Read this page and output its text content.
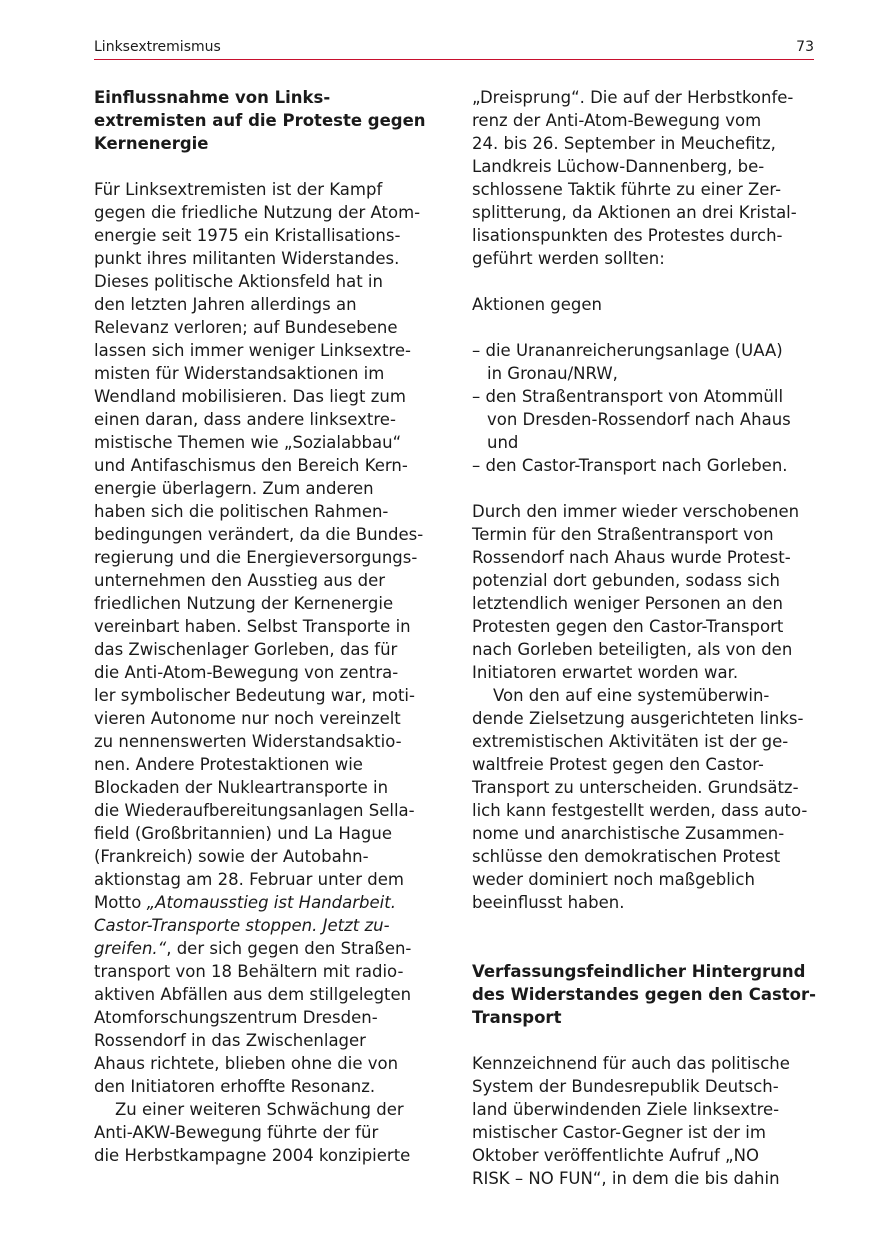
Linksextremismus	73
Einflussnahme von Links-
extremisten auf die Proteste gegen
Kernenergie
Für Linksextremisten ist der Kampf
gegen die friedliche Nutzung der Atom-
energie seit 1975 ein Kristallisations-
punkt ihres militanten Widerstandes.
Dieses politische Aktionsfeld hat in
den letzten Jahren allerdings an
Relevanz verloren; auf Bundesebene
lassen sich immer weniger Linksextre-
misten für Widerstandsaktionen im
Wendland mobilisieren. Das liegt zum
einen daran, dass andere linksextre-
mistische Themen wie „Sozialabbau“
und Antifaschismus den Bereich Kern-
energie überlagern. Zum anderen
haben sich die politischen Rahmen-
bedingungen verändert, da die Bundes-
regierung und die Energieversorgungs-
unternehmen den Ausstieg aus der
friedlichen Nutzung der Kernenergie
vereinbart haben. Selbst Transporte in
das Zwischenlager Gorleben, das für
die Anti-Atom-Bewegung von zentra-
ler symbolischer Bedeutung war, moti-
vieren Autonome nur noch vereinzelt
zu nennenswerten Widerstandsaktio-
nen. Andere Protestaktionen wie
Blockaden der Nukleartransporte in
die Wiederaufbereitungsanlagen Sella-
field (Großbritannien) und La Hague
(Frankreich) sowie der Autobahn-
aktionstag am 28. Februar unter dem
Motto „Atomausstieg ist Handarbeit.
Castor-Transporte stoppen. Jetzt zu-
greifen.“, der sich gegen den Straßen-
transport von 18 Behältern mit radio-
aktiven Abfällen aus dem stillgelegten
Atomforschungszentrum Dresden-
Rossendorf in das Zwischenlager
Ahaus richtete, blieben ohne die von
den Initiatoren erhoffte Resonanz.
Zu einer weiteren Schwächung der
Anti-AKW-Bewegung führte der für
die Herbstkampagne 2004 konzipierte
„Dreisprung“. Die auf der Herbstkonfe-
renz der Anti-Atom-Bewegung vom
24. bis 26. September in Meuchefitz,
Landkreis Lüchow-Dannenberg, be-
schlossene Taktik führte zu einer Zer-
splitterung, da Aktionen an drei Kristal-
lisationspunkten des Protestes durch-
geführt werden sollten:
Aktionen gegen
– die Urananreicherungsanlage (UAA)
in Gronau/NRW,
– den Straßentransport von Atommüll
von Dresden-Rossendorf nach Ahaus
und
– den Castor-Transport nach Gorleben.
Durch den immer wieder verschobenen
Termin für den Straßentransport von
Rossendorf nach Ahaus wurde Protest-
potenzial dort gebunden, sodass sich
letztendlich weniger Personen an den
Protesten gegen den Castor-Transport
nach Gorleben beteiligten, als von den
Initiatoren erwartet worden war.
Von den auf eine systemüberwin-
dende Zielsetzung ausgerichteten links-
extremistischen Aktivitäten ist der ge-
waltfreie Protest gegen den Castor-
Transport zu unterscheiden. Grundsätz-
lich kann festgestellt werden, dass auto-
nome und anarchistische Zusammen-
schlüsse den demokratischen Protest
weder dominiert noch maßgeblich
beeinflusst haben.
Verfassungsfeindlicher Hintergrund
des Widerstandes gegen den Castor-
Transport
Kennzeichnend für auch das politische
System der Bundesrepublik Deutsch-
land überwindenden Ziele linksextre-
mistischer Castor-Gegner ist der im
Oktober veröffentlichte Aufruf „NO
RISK – NO FUN“, in dem die bis dahin
